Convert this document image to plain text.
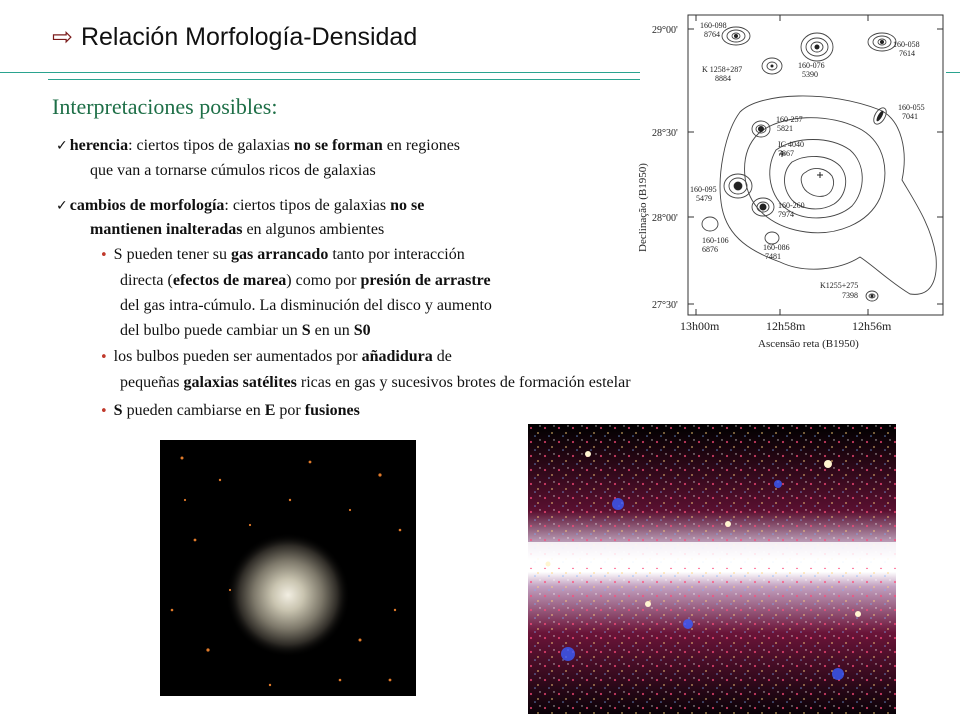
⇨ Relación Morfología-Densidad
Interpretaciones posibles:
✓ herencia: ciertos tipos de galaxias no se forman en regiones
que van a tornarse cúmulos ricos de galaxias
✓ cambios de morfología: ciertos tipos de galaxias no se
mantienen inalteradas en algunos ambientes
• S pueden tener su gas arrancado tanto por interacción
directa (efectos de marea) como por presión de arrastre
del gas intra-cúmulo. La disminución del disco y aumento
del bulbo puede cambiar un S en un S0
• los bulbos pueden ser aumentados por añadidura de
pequeñas galaxias satélites ricas en gas y sucesivos brotes de formación estelar
• S pueden cambiarse en E por fusiones
29°00'
28°30'
28°00'
27°30'
13h00m	12h58m	12h56m
Ascensão reta (B1950)
Declinação (B1950)
160-098
8764
K 1258+287
8884
160-076
5390
160-058
7614
160-055
7041
160-257
5821
IC 4040
7867
160-095
5479
160-260
7974
160-106
6876	160-086
7481
K1255+275
7398
